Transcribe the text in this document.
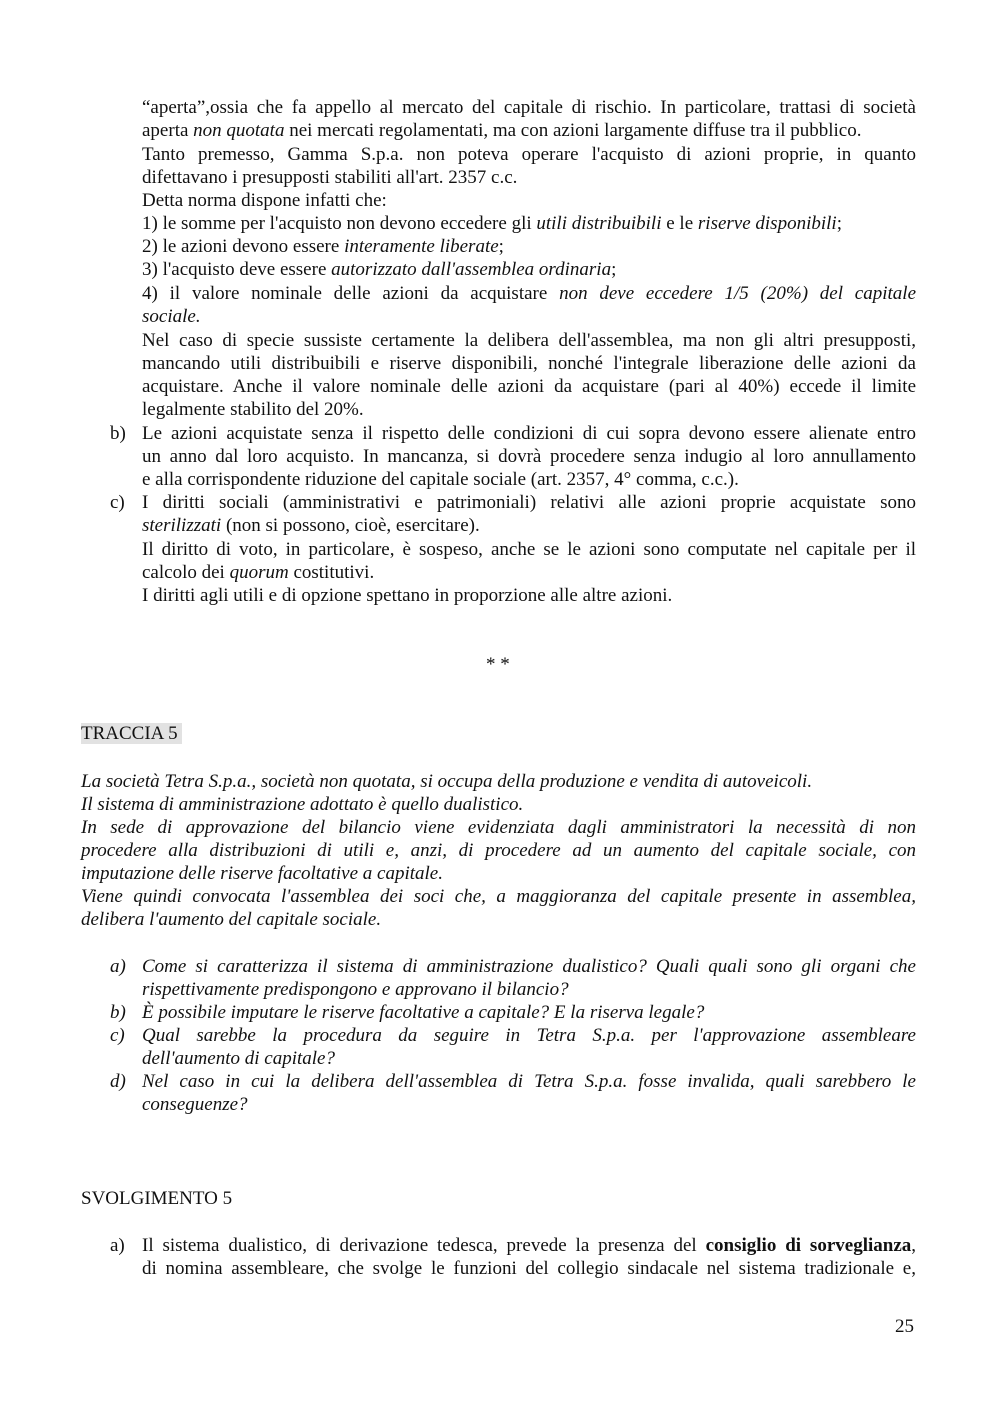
“aperta”,ossia che fa appello al mercato del capitale di rischio. In particolare, trattasi di società
aperta non quotata nei mercati regolamentati, ma con azioni largamente diffuse tra il pubblico.
Tanto premesso, Gamma S.p.a. non poteva operare l'acquisto di azioni proprie, in quanto
difettavano i presupposti stabiliti all'art. 2357 c.c.
Detta norma dispone infatti che:
1) le somme per l'acquisto non devono eccedere gli utili distribuibili e le riserve disponibili;
2) le azioni devono essere interamente liberate;
3) l'acquisto deve essere autorizzato dall'assemblea ordinaria;
4) il valore nominale delle azioni da acquistare non deve eccedere 1/5 (20%) del capitale
sociale.
Nel caso di specie sussiste certamente la delibera dell'assemblea, ma non gli altri presupposti,
mancando utili distribuibili e riserve disponibili, nonché l'integrale liberazione delle azioni da
acquistare. Anche il valore nominale delle azioni da acquistare (pari al 40%) eccede il limite
legalmente stabilito del 20%.
b) Le azioni acquistate senza il rispetto delle condizioni di cui sopra devono essere alienate entro
un anno dal loro acquisto. In mancanza, si dovrà procedere senza indugio al loro annullamento
e alla corrispondente riduzione del capitale sociale (art. 2357, 4° comma, c.c.).
c) I diritti sociali (amministrativi e patrimoniali) relativi alle azioni proprie acquistate sono
sterilizzati (non si possono, cioè, esercitare).
Il diritto di voto, in particolare, è sospeso, anche se le azioni sono computate nel capitale per il
calcolo dei quorum costitutivi.
I diritti agli utili e di opzione spettano in proporzione alle altre azioni.
* *
TRACCIA 5
La società Tetra S.p.a., società non quotata, si occupa della produzione e vendita di autoveicoli.
Il sistema di amministrazione adottato è quello dualistico.
In sede di approvazione del bilancio viene evidenziata dagli amministratori la necessità di non
procedere alla distribuzioni di utili e, anzi, di procedere ad un aumento del capitale sociale, con
imputazione delle riserve facoltative a capitale.
Viene quindi convocata l'assemblea dei soci che, a maggioranza del capitale presente in assemblea,
delibera l'aumento del capitale sociale.
a) Come si caratterizza il sistema di amministrazione dualistico? Quali quali sono gli organi che
rispettivamente predispongono e approvano il bilancio?
b) È possibile imputare le riserve facoltative a capitale? E la riserva legale?
c) Qual sarebbe la procedura da seguire in Tetra S.p.a. per l'approvazione assembleare
dell'aumento di capitale?
d) Nel caso in cui la delibera dell'assemblea di Tetra S.p.a. fosse invalida, quali sarebbero le
conseguenze?
SVOLGIMENTO 5
a) Il sistema dualistico, di derivazione tedesca, prevede la presenza del consiglio di sorveglianza,
di nomina assembleare, che svolge le funzioni del collegio sindacale nel sistema tradizionale e,
25
